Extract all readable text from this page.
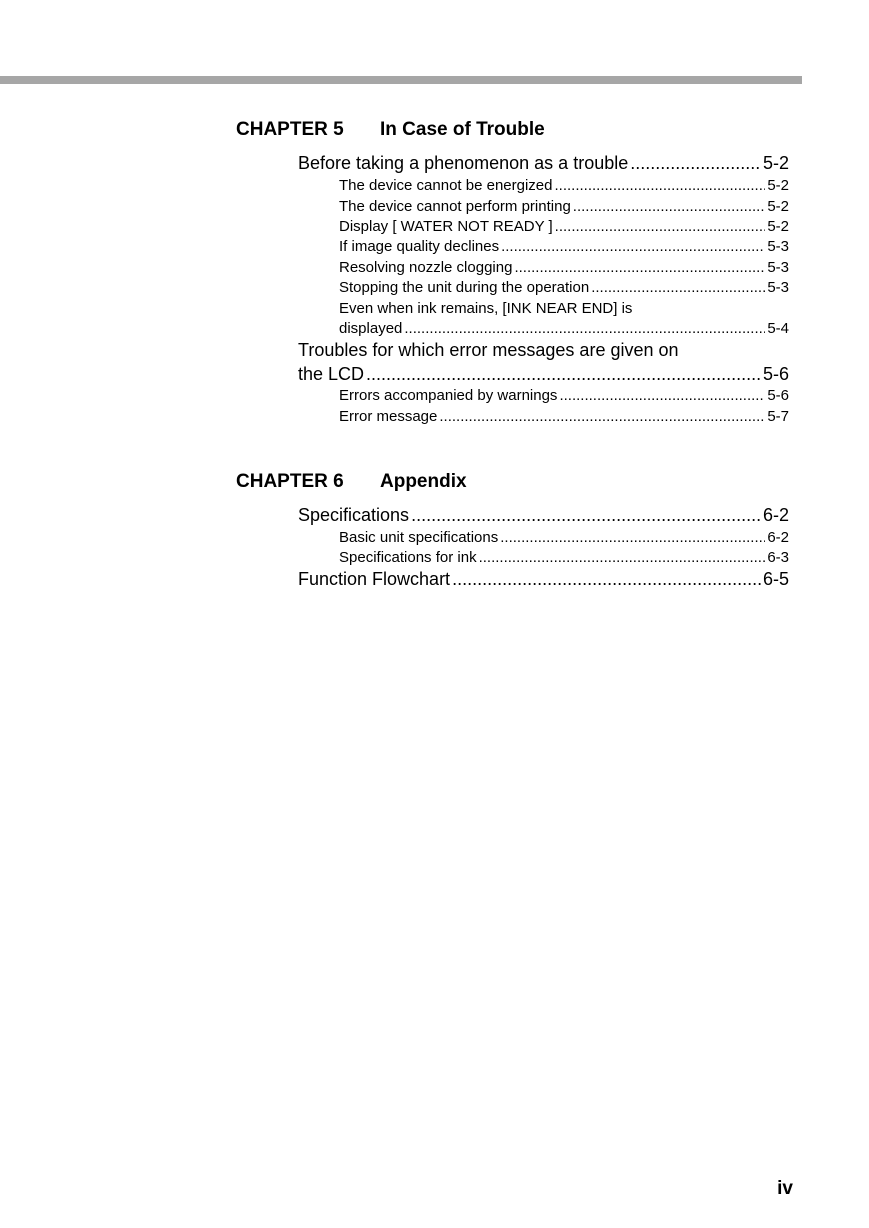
CHAPTER 5 In Case of Trouble
Before taking a phenomenon as a trouble .....	5-2
The device cannot be energized .....	5-2
The device cannot perform printing .....	5-2
Display [ WATER NOT READY ] .....	5-2
If image quality declines .....	5-3
Resolving nozzle clogging .....	5-3
Stopping the unit during the operation .....	5-3
Even when ink remains, [INK NEAR END] is
displayed .....	5-4
Troubles for which error messages are given on
the LCD .....	5-6
Errors accompanied by warnings .....	5-6
Error message .....	5-7
CHAPTER 6 Appendix
Specifications .....	6-2
Basic unit specifications .....	6-2
Specifications for ink .....	6-3
Function Flowchart .....	6-5
iv
